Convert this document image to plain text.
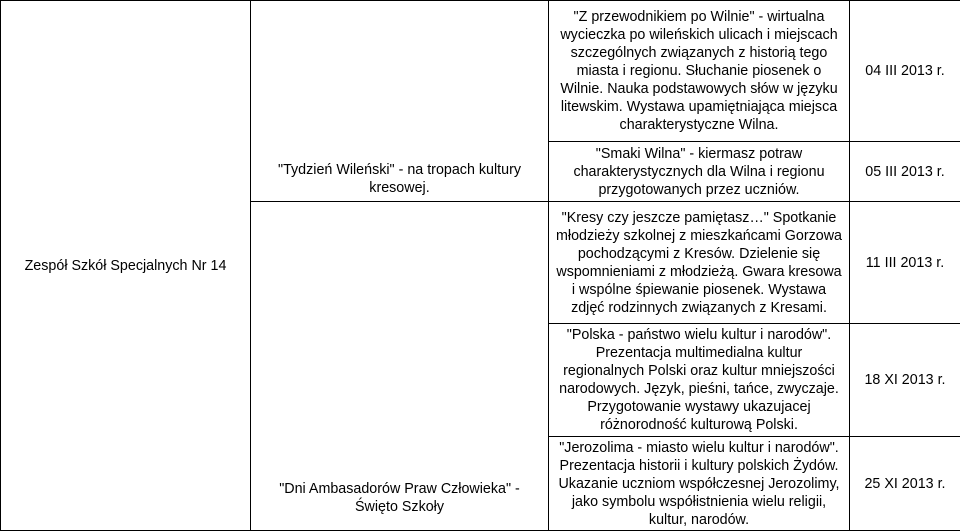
Zespół Szkół Specjalnych Nr 14	"Tydzień Wileński" - na tropach kultury kresowej.	"Z przewodnikiem po Wilnie" - wirtualna wycieczka po wileńskich ulicach i miejscach szczególnych związanych z historią tego miasta i regionu. Słuchanie piosenek o Wilnie. Nauka podstawowych słów w języku litewskim. Wystawa upamiętniająca miejsca charakterystyczne Wilna.	04 III 2013 r.
		"Smaki Wilna" - kiermasz potraw charakterystycznych dla Wilna i regionu przygotowanych przez uczniów.	05 III 2013 r.
	"Dni Ambasadorów Praw Człowieka" - Święto Szkoły	"Kresy czy jeszcze pamiętasz…" Spotkanie młodzieży szkolnej z mieszkańcami Gorzowa pochodzącymi z Kresów. Dzielenie się wspomnieniami z młodzieżą. Gwara kresowa i wspólne śpiewanie piosenek. Wystawa zdjęć rodzinnych związanych z Kresami.	11 III 2013 r.
		"Polska - państwo wielu kultur i narodów". Prezentacja multimedialna kultur regionalnych Polski oraz kultur mniejszości narodowych. Język, pieśni, tańce, zwyczaje. Przygotowanie wystawy ukazujacej różnorodność kulturową Polski.	18 XI 2013 r.
		"Jerozolima - miasto wielu kultur i narodów". Prezentacja historii i kultury polskich Żydów. Ukazanie uczniom współczesnej Jerozolimy, jako symbolu współistnienia wielu religii, kultur, narodów.	25 XI 2013 r.
